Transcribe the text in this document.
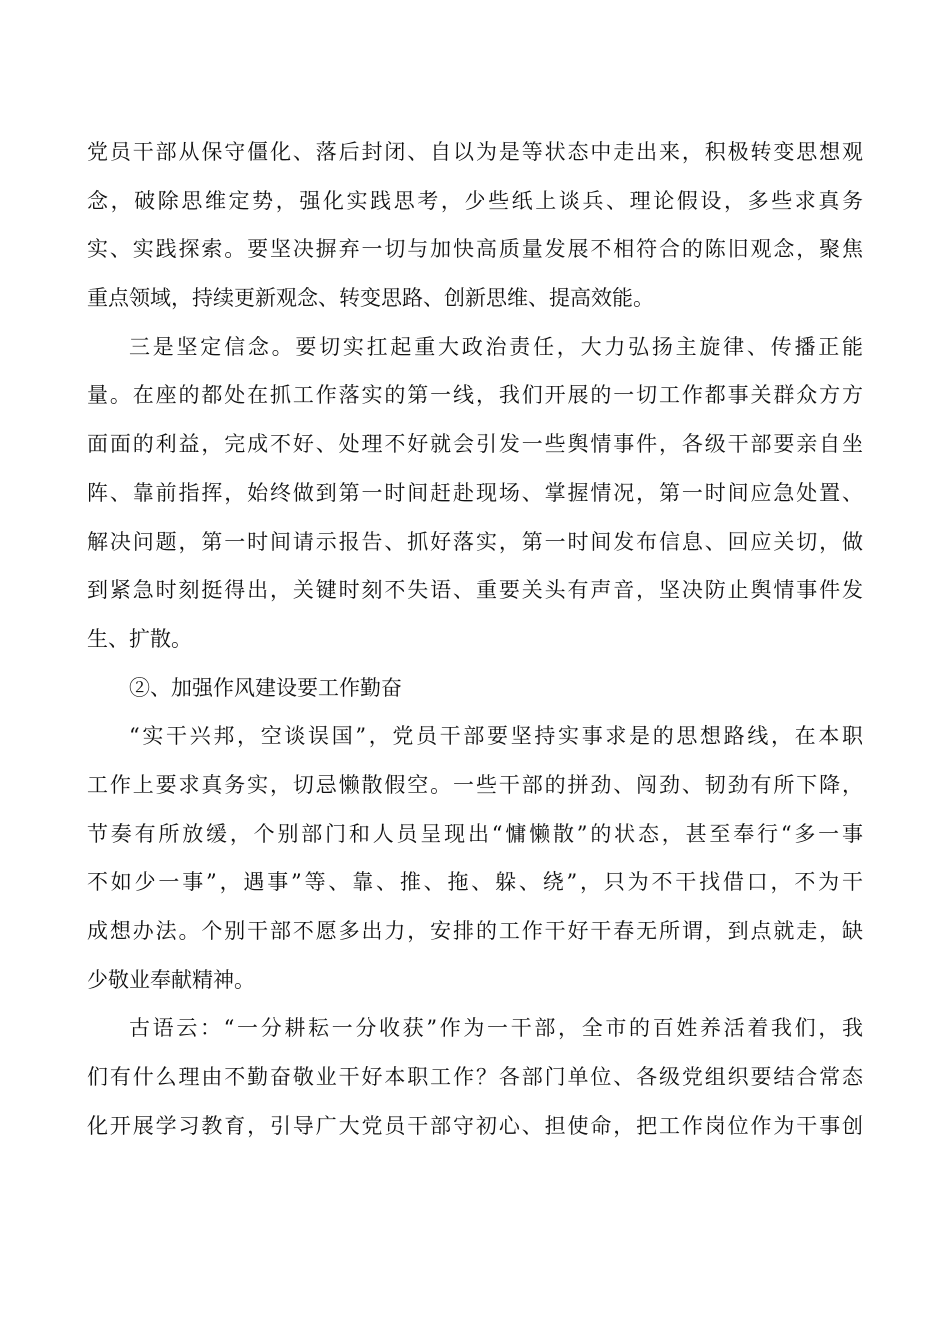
党员干部从保守僵化、落后封闭、自以为是等状态中走出来，积极转变思想观
念，破除思维定势，强化实践思考，少些纸上谈兵、理论假设，多些求真务
实、实践探索。要坚决摒弃一切与加快高质量发展不相符合的陈旧观念，聚焦
重点领域，持续更新观念、转变思路、创新思维、提高效能。
三是坚定信念。要切实扛起重大政治责任，大力弘扬主旋律、传播正能
量。在座的都处在抓工作落实的第一线，我们开展的一切工作都事关群众方方
面面的利益，完成不好、处理不好就会引发一些舆情事件，各级干部要亲自坐
阵、靠前指挥，始终做到第一时间赶赴现场、掌握情况，第一时间应急处置、
解决问题，第一时间请示报告、抓好落实，第一时间发布信息、回应关切，做
到紧急时刻挺得出，关键时刻不失语、重要关头有声音，坚决防止舆情事件发
生、扩散。
②、加强作风建设要工作勤奋
“实干兴邦，空谈误国”，党员干部要坚持实事求是的思想路线，在本职
工作上要求真务实，切忌懒散假空。一些干部的拼劲、闯劲、韧劲有所下降，
节奏有所放缓，个别部门和人员呈现出“慵懒散”的状态，甚至奉行“多一事
不如少一事”，遇事”等、靠、推、拖、躲、绕”，只为不干找借口，不为干
成想办法。个别干部不愿多出力，安排的工作干好干春无所谓，到点就走，缺
少敬业奉献精神。
古语云：“一分耕耘一分收获”作为一干部，全市的百姓养活着我们，我
们有什么理由不勤奋敬业干好本职工作？各部门单位、各级党组织要结合常态
化开展学习教育，引导广大党员干部守初心、担使命，把工作岗位作为干事创
